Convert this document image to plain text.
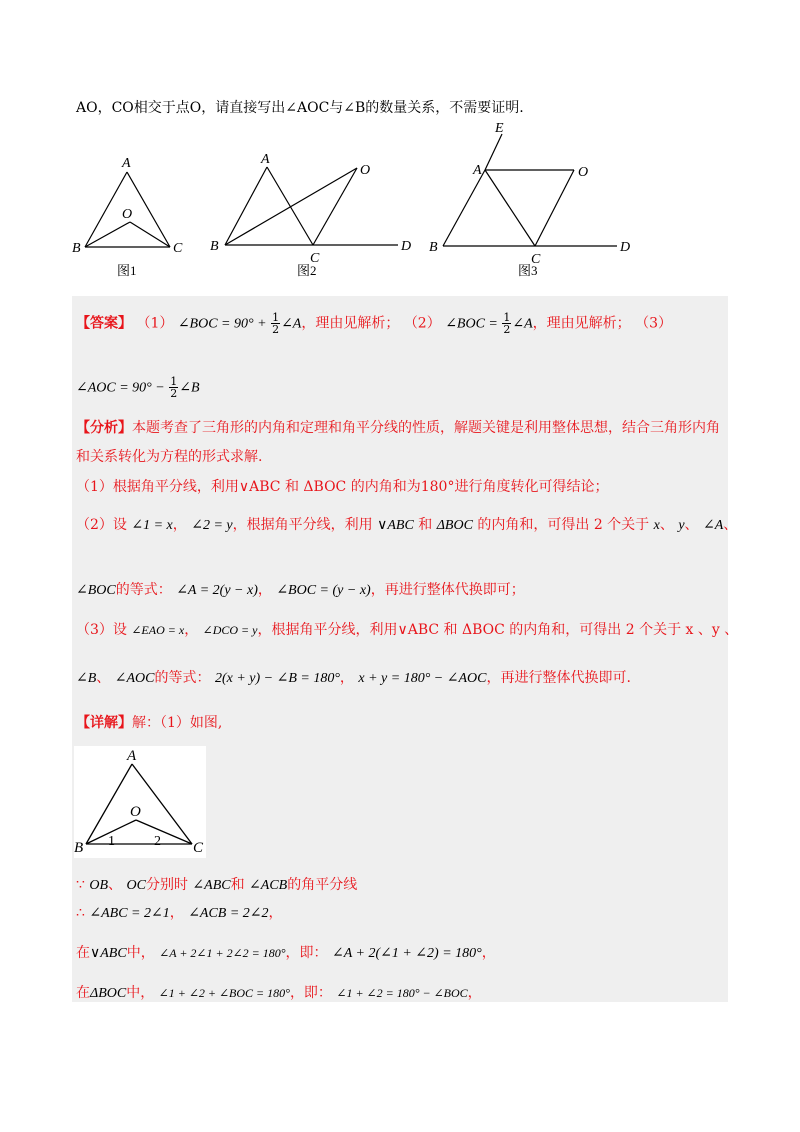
AO，CO相交于点O，请直接写出∠AOC与∠B的数量关系，不需要证明.
A
O
B	C
A
O
B
C
D
E
A	O
B
C
D
图1	图2	图3
【答案】 （1） ∠BOC = $90^\circ + \frac{1}{2}$ ∠A，理由见解析； （2） ∠BOC = $\frac{1}{2}$ ∠A，理由见解析； （3）
∠AOC = $90^\circ - \frac{1}{2}$ ∠B
【分析】本题考查了三角形的内角和定理和角平分线的性质，解题关键是利用整体思想，结合三角形内角
和关系转化为方程的形式求解.
（1）根据角平分线，利用∨ABC 和 ΔBOC 的内角和为180°进行角度转化可得结论；
（2）设 ∠1 = x， ∠2 = y，根据角平分线，利用 ∨ABC 和 ΔBOC 的内角和，可得出 2 个关于 x、 y、 ∠A、
∠BOC的等式： ∠A = 2(y − x)， ∠BOC = (y − x)，再进行整体代换即可；
（3）设 ∠EAO = x， ∠DCO = y，根据角平分线，利用∨ABC 和 ΔBOC 的内角和，可得出 2 个关于 x 、y 、
∠B、 ∠AOC的等式： 2(x + y) − ∠B = 180°， x + y = 180° − ∠AOC，再进行整体代换即可.
【详解】解：（1）如图,
A
O
B	C
1	2
∵ OB、 OC分别时 ∠ABC和 ∠ACB的角平分线
∴ ∠ABC = 2∠1， ∠ACB = 2∠2，
在∨ABC中， ∠A + 2∠1 + 2∠2 = 180°，即： ∠A + 2(∠1 + ∠2) = 180°，
在ΔBOC中， ∠1 + ∠2 + ∠BOC = 180°，即： ∠1 + ∠2 = 180° − ∠BOC，
